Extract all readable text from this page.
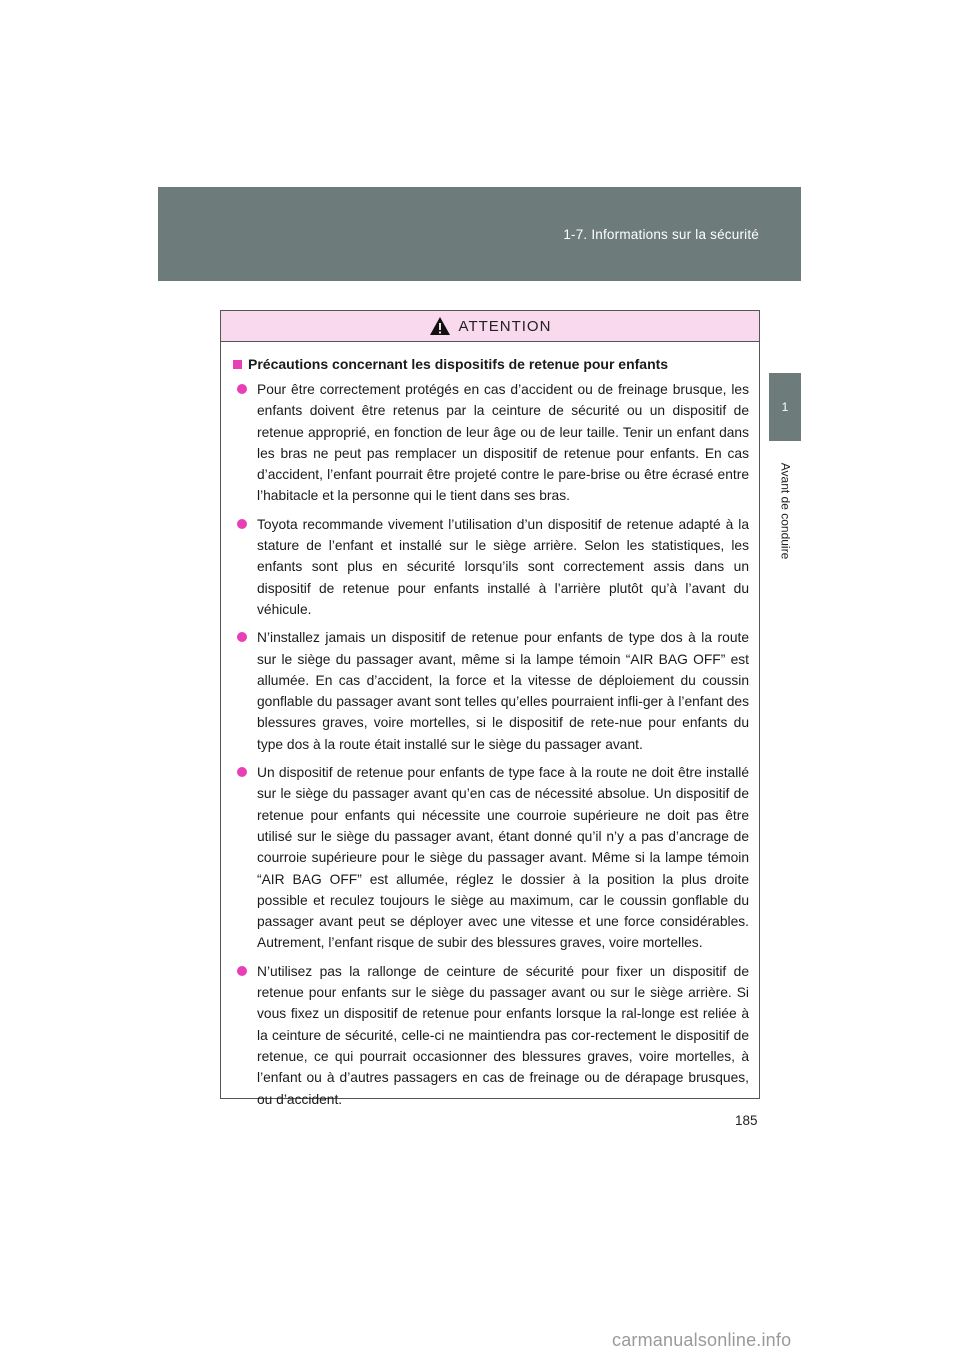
1-7. Informations sur la sécurité
1
Avant de conduire
ATTENTION
Précautions concernant les dispositifs de retenue pour enfants
Pour être correctement protégés en cas d’accident ou de freinage brusque, les enfants doivent être retenus par la ceinture de sécurité ou un dispositif de retenue approprié, en fonction de leur âge ou de leur taille. Tenir un enfant dans les bras ne peut pas remplacer un dispositif de retenue pour enfants. En cas d’accident, l’enfant pourrait être projeté contre le pare-brise ou être écrasé entre l’habitacle et la personne qui le tient dans ses bras.
Toyota recommande vivement l’utilisation d’un dispositif de retenue adapté à la stature de l’enfant et installé sur le siège arrière. Selon les statistiques, les enfants sont plus en sécurité lorsqu’ils sont correctement assis dans un dispositif de retenue pour enfants installé à l’arrière plutôt qu’à l’avant du véhicule.
N’installez jamais un dispositif de retenue pour enfants de type dos à la route sur le siège du passager avant, même si la lampe témoin “AIR BAG OFF” est allumée. En cas d’accident, la force et la vitesse de déploiement du coussin gonflable du passager avant sont telles qu’elles pourraient infli-ger à l’enfant des blessures graves, voire mortelles, si le dispositif de rete-nue pour enfants du type dos à la route était installé sur le siège du passager avant.
Un dispositif de retenue pour enfants de type face à la route ne doit être installé sur le siège du passager avant qu’en cas de nécessité absolue. Un dispositif de retenue pour enfants qui nécessite une courroie supérieure ne doit pas être utilisé sur le siège du passager avant, étant donné qu’il n’y a pas d’ancrage de courroie supérieure pour le siège du passager avant. Même si la lampe témoin “AIR BAG OFF” est allumée, réglez le dossier à la position la plus droite possible et reculez toujours le siège au maximum, car le coussin gonflable du passager avant peut se déployer avec une vitesse et une force considérables. Autrement, l’enfant risque de subir des blessures graves, voire mortelles.
N’utilisez pas la rallonge de ceinture de sécurité pour fixer un dispositif de retenue pour enfants sur le siège du passager avant ou sur le siège arrière. Si vous fixez un dispositif de retenue pour enfants lorsque la ral-longe est reliée à la ceinture de sécurité, celle-ci ne maintiendra pas cor-rectement le dispositif de retenue, ce qui pourrait occasionner des blessures graves, voire mortelles, à l’enfant ou à d’autres passagers en cas de freinage ou de dérapage brusques, ou d’accident.
185
carmanualsonline.info
